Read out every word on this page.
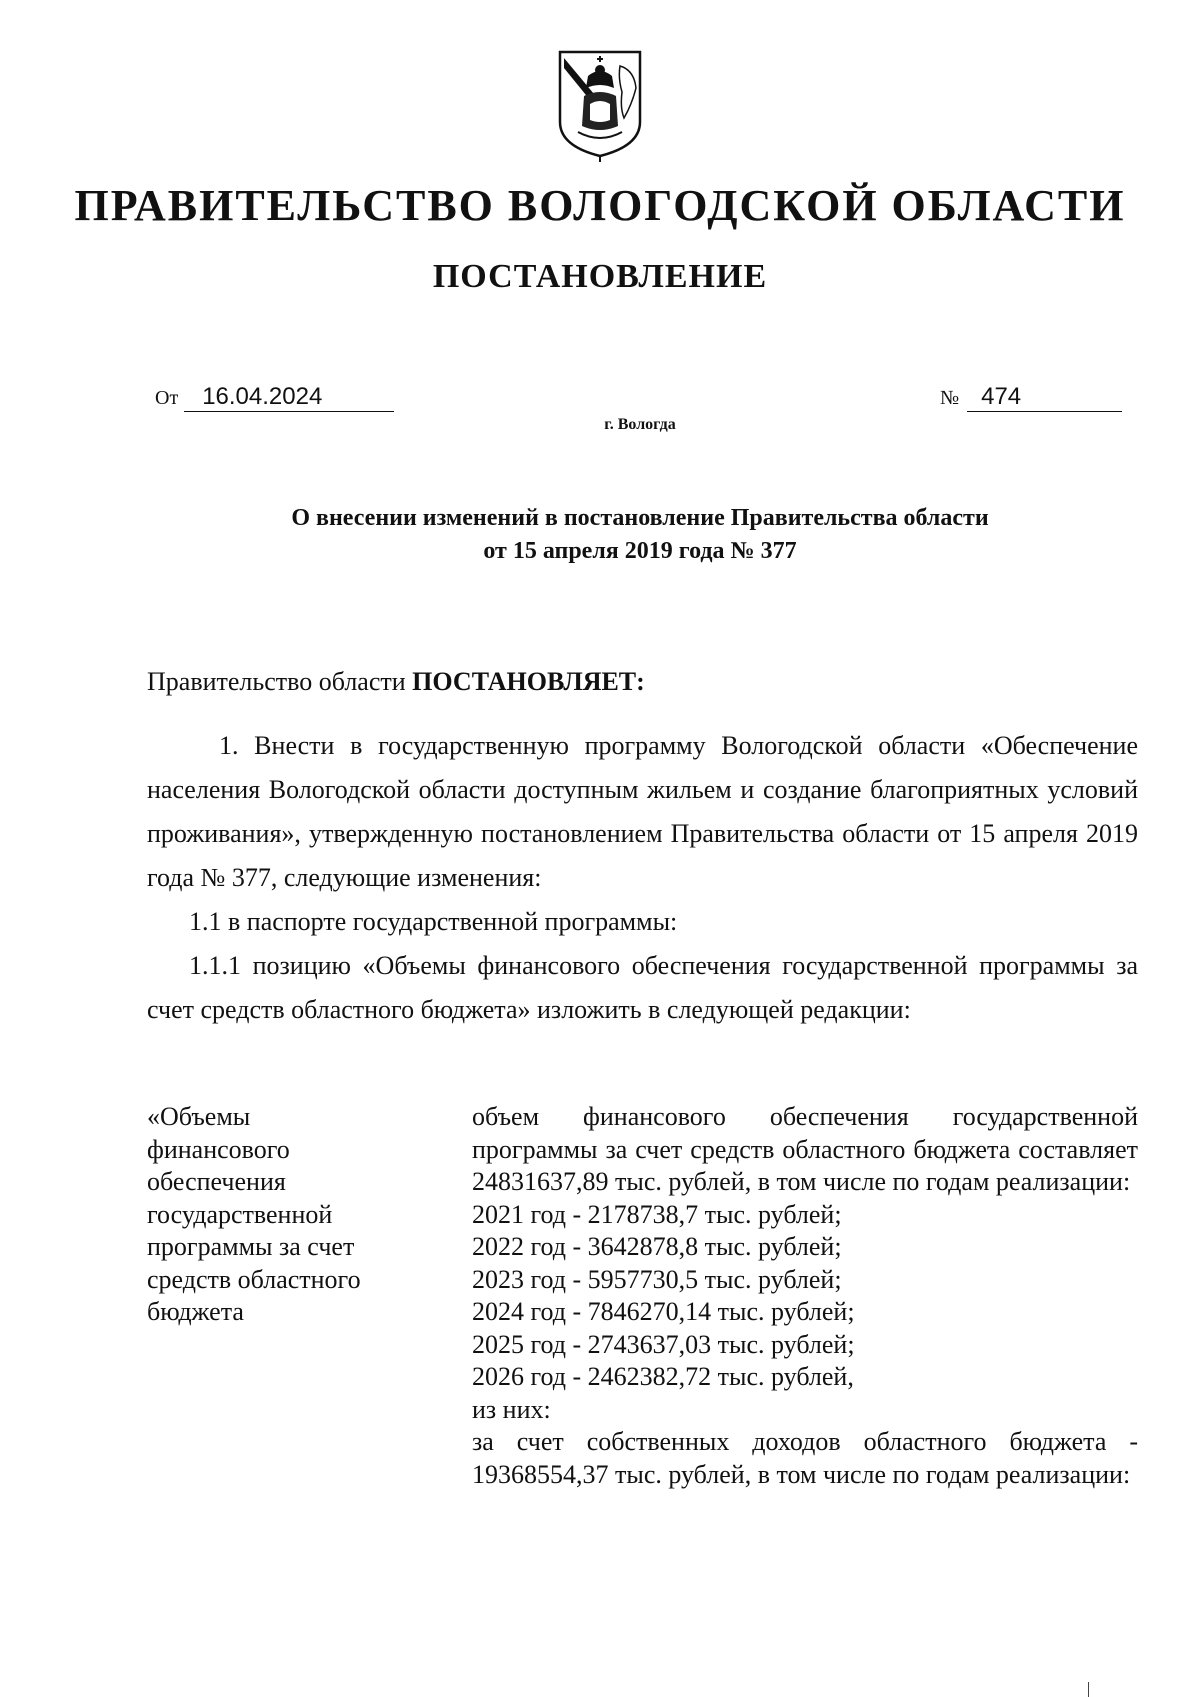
ПРАВИТЕЛЬСТВО ВОЛОГОДСКОЙ ОБЛАСТИ
ПОСТАНОВЛЕНИЕ
От 16.04.2024	№ 474
г. Вологда
О внесении изменений в постановление Правительства области
от 15 апреля 2019 года № 377

Правительство области ПОСТАНОВЛЯЕТ:

1. Внести в государственную программу Вологодской области «Обеспечение населения Вологодской области доступным жильем и создание благоприятных условий проживания», утвержденную постановлением Правительства области от 15 апреля 2019 года № 377, следующие изменения:

1.1 в паспорте государственной программы:

1.1.1 позицию «Объемы финансового обеспечения государственной программы за счет средств областного бюджета» изложить в следующей редакции:

«Объемы
финансового
обеспечения
государственной
программы за счет
средств областного
бюджета

объем финансового обеспечения государственной программы за счет средств областного бюджета составляет 24831637,89 тыс. рублей, в том числе по годам реализации:

2021 год - 2178738,7 тыс. рублей;

2022 год - 3642878,8 тыс. рублей;

2023 год - 5957730,5 тыс. рублей;

2024 год - 7846270,14 тыс. рублей;

2025 год - 2743637,03 тыс. рублей;

2026 год - 2462382,72 тыс. рублей,

из них:

за счет собственных доходов областного бюджета - 19368554,37 тыс. рублей, в том числе по годам реализации:
